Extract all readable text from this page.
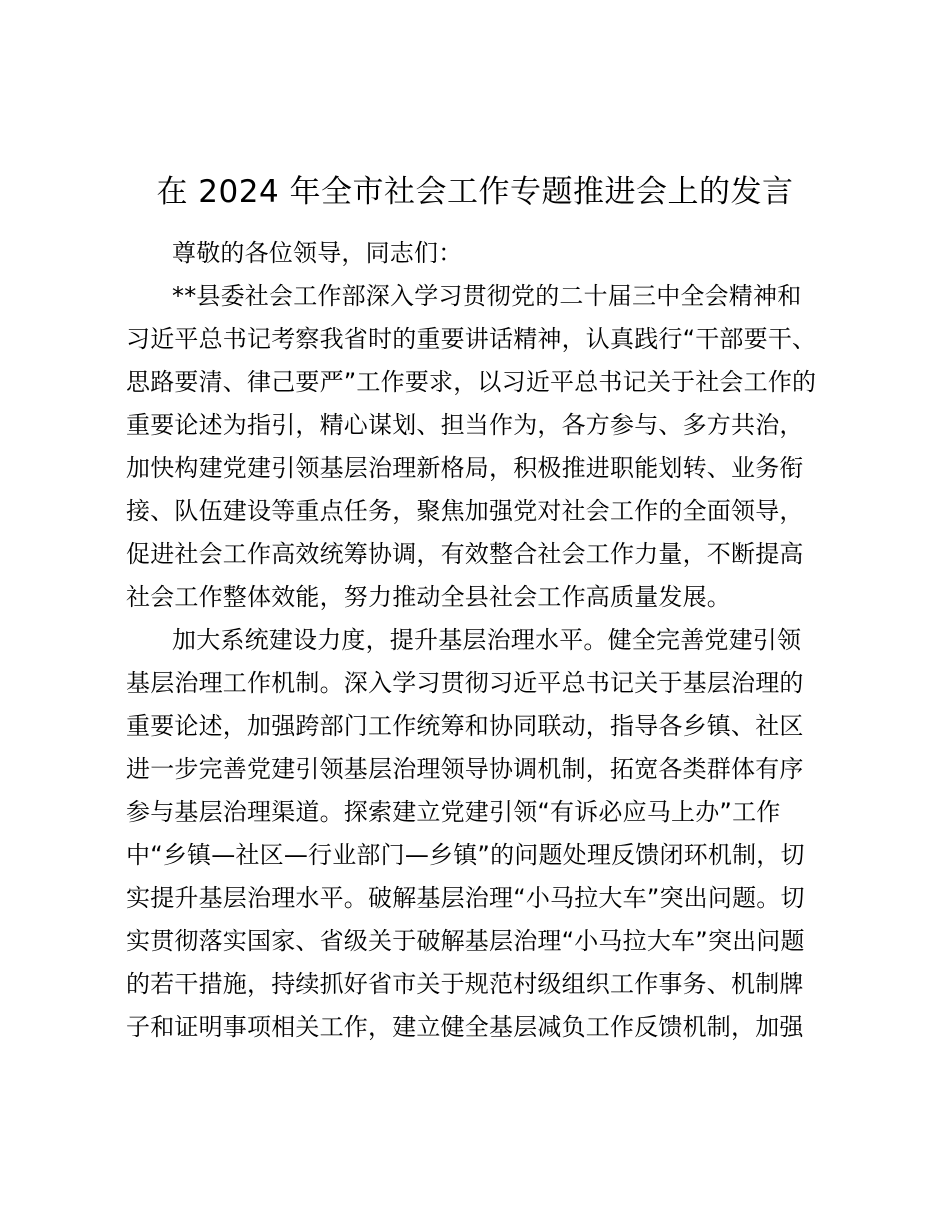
在 2024 年全市社会工作专题推进会上的发言
尊敬的各位领导，同志们：
**县委社会工作部深入学习贯彻党的二十届三中全会精神和
习近平总书记考察我省时的重要讲话精神，认真践行“干部要干、
思路要清、律己要严”工作要求，以习近平总书记关于社会工作的
重要论述为指引，精心谋划、担当作为，各方参与、多方共治，
加快构建党建引领基层治理新格局，积极推进职能划转、业务衔
接、队伍建设等重点任务，聚焦加强党对社会工作的全面领导，
促进社会工作高效统筹协调，有效整合社会工作力量，不断提高
社会工作整体效能，努力推动全县社会工作高质量发展。
加大系统建设力度，提升基层治理水平。健全完善党建引领
基层治理工作机制。深入学习贯彻习近平总书记关于基层治理的
重要论述，加强跨部门工作统筹和协同联动，指导各乡镇、社区
进一步完善党建引领基层治理领导协调机制，拓宽各类群体有序
参与基层治理渠道。探索建立党建引领“有诉必应马上办”工作
中“乡镇—社区—行业部门—乡镇”的问题处理反馈闭环机制，切
实提升基层治理水平。破解基层治理“小马拉大车”突出问题。切
实贯彻落实国家、省级关于破解基层治理“小马拉大车”突出问题
的若干措施，持续抓好省市关于规范村级组织工作事务、机制牌
子和证明事项相关工作，建立健全基层减负工作反馈机制，加强
